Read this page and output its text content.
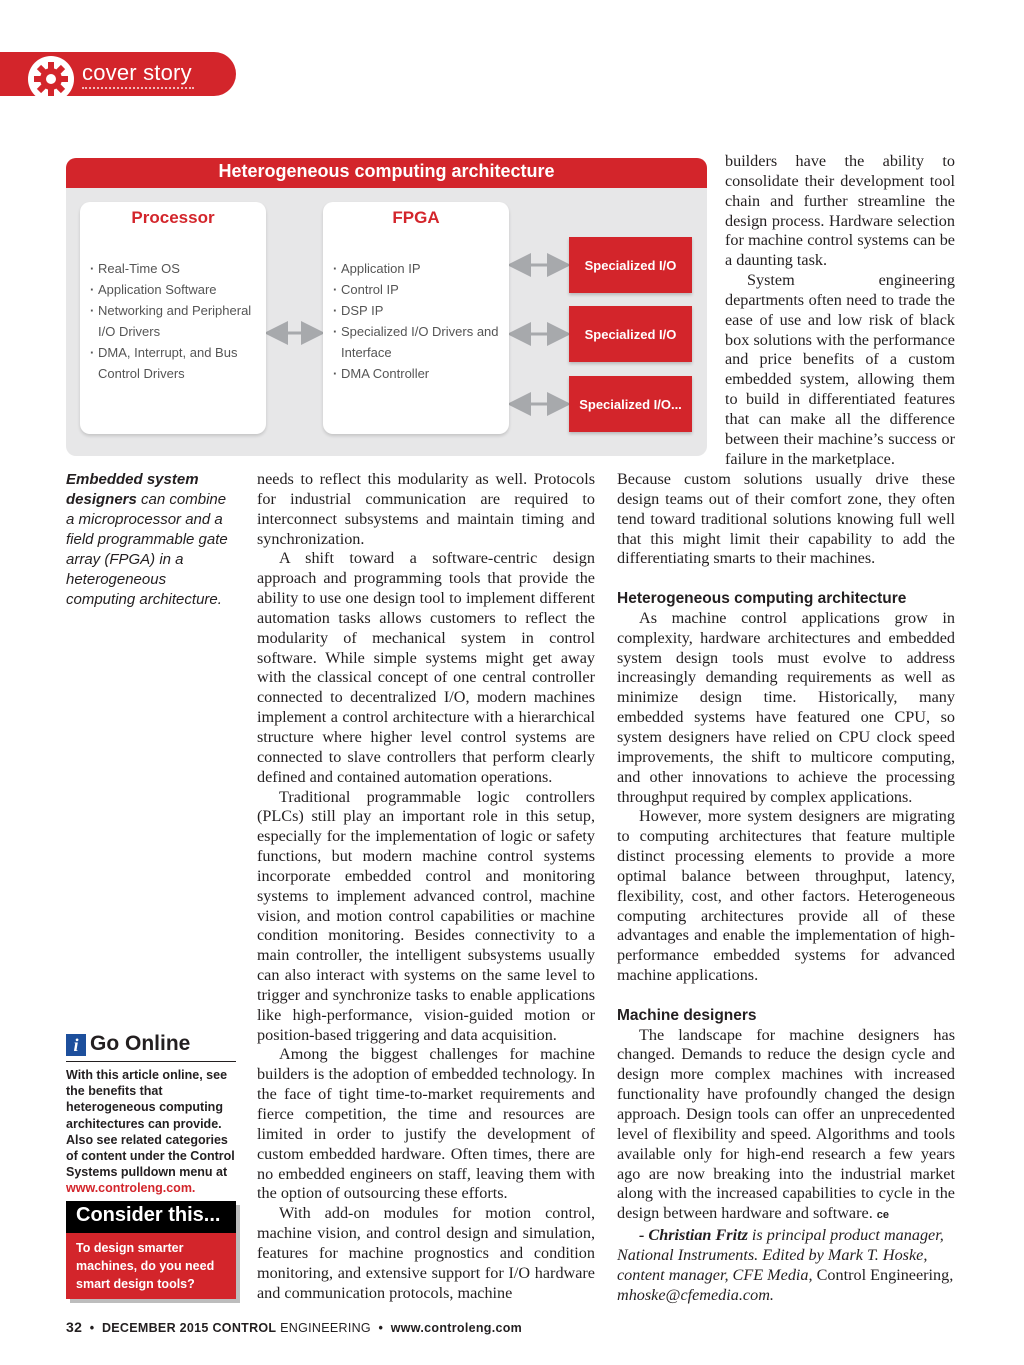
cover story
Heterogeneous computing architecture
Processor
· Real-Time OS
· Application Software
· Networking and Peripheral I/O Drivers
· DMA, Interrupt, and Bus Control Drivers
FPGA
· Application IP
· Control IP
· DSP IP
· Specialized I/O Drivers and Interface
· DMA Controller
Specialized I/O
Specialized I/O
Specialized I/O...
Embedded system designers can combine a microprocessor and a field programmable gate array (FPGA) in a heterogeneous computing architecture.

needs to reflect this modularity as well. Protocols for industrial communication are required to interconnect subsystems and maintain timing and synchronization.

A shift toward a software-centric design approach and programming tools that provide the ability to use one design tool to implement different automation tasks allows customers to reflect the modularity of mechanical system in control software. While simple systems might get away with the classical concept of one central controller connected to decentralized I/O, modern machines implement a control architecture with a hierarchical structure where higher level control systems are connected to slave controllers that perform clearly defined and contained automation operations.

Traditional programmable logic controllers (PLCs) still play an important role in this setup, especially for the implementation of logic or safety functions, but modern machine control systems incorporate embedded control and monitoring systems to implement advanced control, machine vision, and motion control capabilities or machine condition monitoring. Besides connectivity to a main controller, the intelligent subsystems usually can also interact with systems on the same level to trigger and synchronize tasks to enable applications like high-performance, vision-guided motion or position-based triggering and data acquisition.

Among the biggest challenges for machine builders is the adoption of embedded technology. In the face of tight time-to-market requirements and fierce competition, the time and resources are limited in order to justify the development of custom embedded hardware. Often times, there are no embedded engineers on staff, leaving them with the option of outsourcing these efforts.

With add-on modules for motion control, machine vision, and control design and simulation, features for machine prognostics and condition monitoring, and extensive support for I/O hardware and communication protocols, machine

builders have the ability to consolidate their development tool chain and further streamline the design process. Hardware selection for machine control systems can be a daunting task.

System engineering departments often need to trade the ease of use and low risk of black box solutions with the performance and price benefits of a custom embedded system, allowing them to build in differentiated features that can make all the difference between their machine’s success or failure in the marketplace.

Because custom solutions usually drive these design teams out of their comfort zone, they often tend toward traditional solutions knowing full well that this might limit their capability to add the differentiating smarts to their machines.

Heterogeneous computing architecture

As machine control applications grow in complexity, hardware architectures and embedded system design tools must evolve to address increasingly demanding requirements as well as minimize design time. Historically, many embedded systems have featured one CPU, so system designers have relied on CPU clock speed improvements, the shift to multicore computing, and other innovations to achieve the processing throughput required by complex applications.

However, more system designers are migrating to computing architectures that feature multiple distinct processing elements to provide a more optimal balance between throughput, latency, flexibility, cost, and other factors. Heterogeneous computing architectures provide all of these advantages and enable the implementation of high-performance embedded systems for advanced machine applications.

Machine designers

The landscape for machine designers has changed. Demands to reduce the design cycle and design more complex machines with increased functionality have profoundly changed the design approach. Design tools can offer an unprecedented level of flexibility and speed. Algorithms and tools available only for high-end research a few years ago are now breaking into the industrial market along with the increased capabilities to cycle in the design between hardware and software. ce

- Christian Fritz is principal product manager, National Instruments. Edited by Mark T. Hoske, content manager, CFE Media, Control Engineering, mhoske@cfemedia.com.

i Go Online
With this article online, see the benefits that heterogeneous computing architectures can provide. Also see related categories of content under the Control Systems pulldown menu at www.controleng.com.
Consider this...
To design smarter machines, do you need smart design tools?
32 • DECEMBER 2015 CONTROL ENGINEERING • www.controleng.com
